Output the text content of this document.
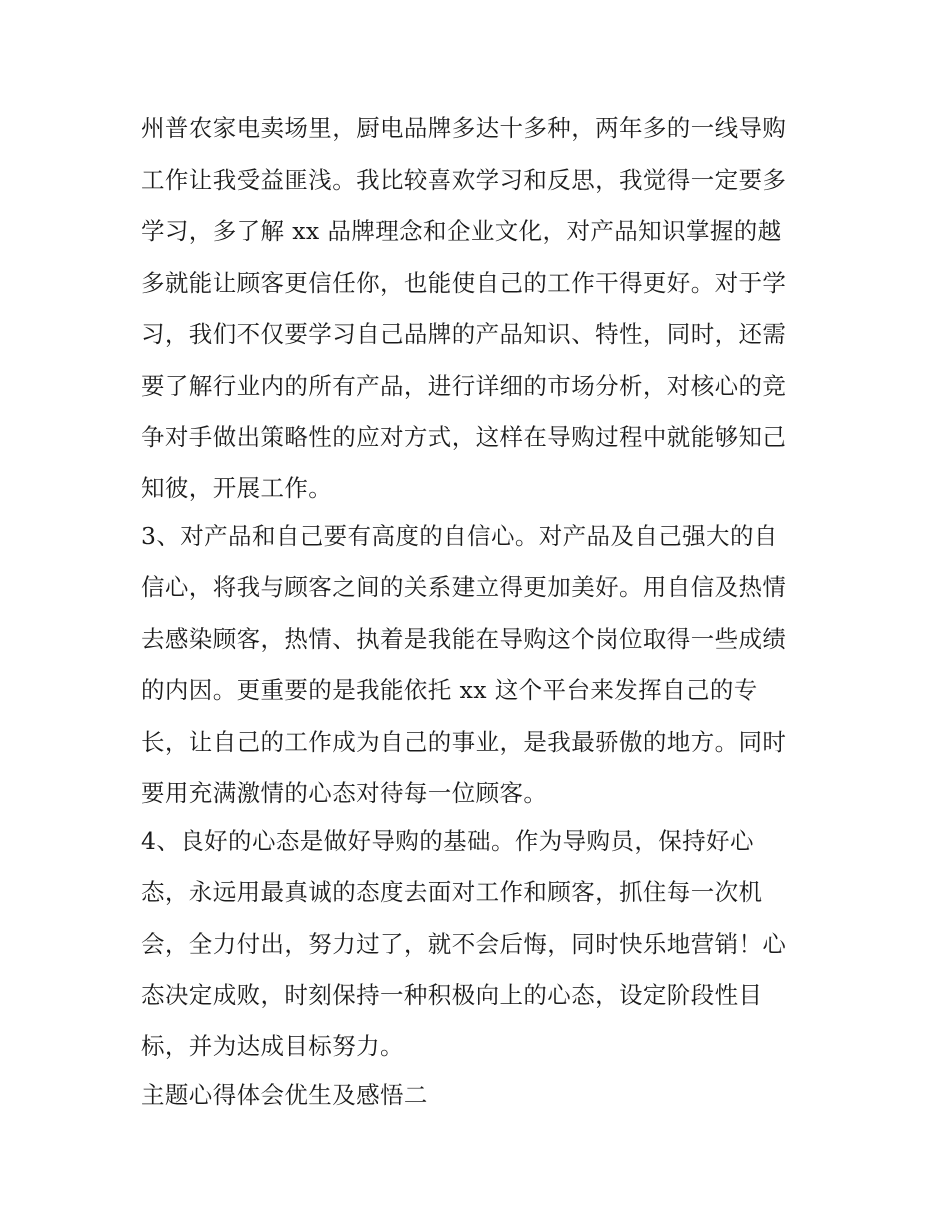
州普农家电卖场里，厨电品牌多达十多种，两年多的一线导购
工作让我受益匪浅。我比较喜欢学习和反思，我觉得一定要多
学习，多了解 xx 品牌理念和企业文化，对产品知识掌握的越
多就能让顾客更信任你，也能使自己的工作干得更好。对于学
习，我们不仅要学习自己品牌的产品知识、特性，同时，还需
要了解行业内的所有产品，进行详细的市场分析，对核心的竞
争对手做出策略性的应对方式，这样在导购过程中就能够知己
知彼，开展工作。
3、对产品和自己要有高度的自信心。对产品及自己强大的自
信心，将我与顾客之间的关系建立得更加美好。用自信及热情
去感染顾客，热情、执着是我能在导购这个岗位取得一些成绩
的内因。更重要的是我能依托 xx 这个平台来发挥自己的专
长，让自己的工作成为自己的事业，是我最骄傲的地方。同时
要用充满激情的心态对待每一位顾客。
4、良好的心态是做好导购的基础。作为导购员，保持好心
态，永远用最真诚的态度去面对工作和顾客，抓住每一次机
会，全力付出，努力过了，就不会后悔，同时快乐地营销！心
态决定成败，时刻保持一种积极向上的心态，设定阶段性目
标，并为达成目标努力。
主题心得体会优生及感悟二
